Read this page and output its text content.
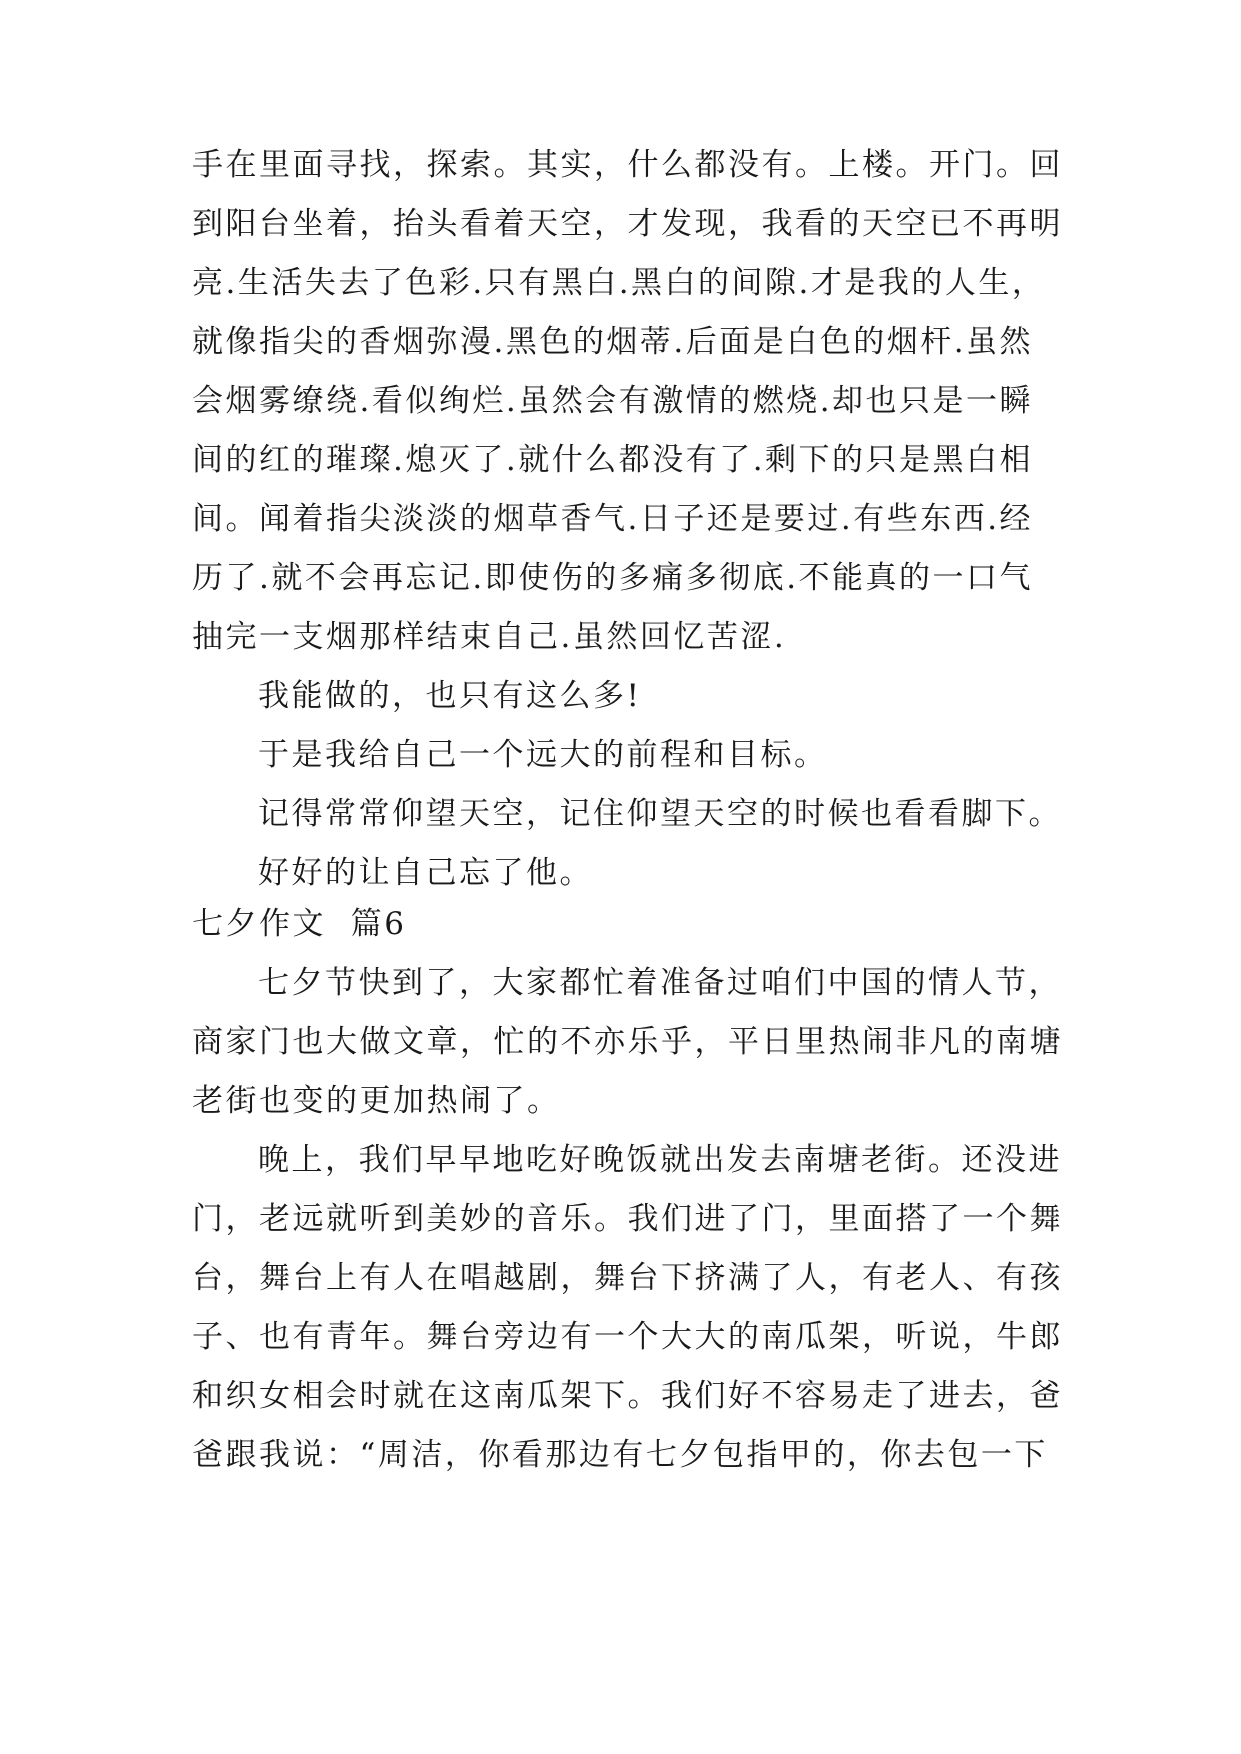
手在里面寻找，探索。其实，什么都没有。上楼。开门。回
到阳台坐着，抬头看着天空，才发现，我看的天空已不再明
亮.生活失去了色彩.只有黑白.黑白的间隙.才是我的人生，
就像指尖的香烟弥漫.黑色的烟蒂.后面是白色的烟杆.虽然
会烟雾缭绕.看似绚烂.虽然会有激情的燃烧.却也只是一瞬
间的红的璀璨.熄灭了.就什么都没有了.剩下的只是黑白相
间。闻着指尖淡淡的烟草香气.日子还是要过.有些东西.经
历了.就不会再忘记.即使伤的多痛多彻底.不能真的一口气
抽完一支烟那样结束自己.虽然回忆苦涩.
我能做的，也只有这么多!
于是我给自己一个远大的前程和目标。
记得常常仰望天空，记住仰望天空的时候也看看脚下。
好好的让自己忘了他。
七夕作文  篇6
七夕节快到了，大家都忙着准备过咱们中国的情人节，
商家门也大做文章，忙的不亦乐乎，平日里热闹非凡的南塘
老街也变的更加热闹了。
晚上，我们早早地吃好晚饭就出发去南塘老街。还没进
门，老远就听到美妙的音乐。我们进了门，里面搭了一个舞
台，舞台上有人在唱越剧，舞台下挤满了人，有老人、有孩
子、也有青年。舞台旁边有一个大大的南瓜架，听说，牛郎
和织女相会时就在这南瓜架下。我们好不容易走了进去，爸
爸跟我说：“周洁，你看那边有七夕包指甲的，你去包一下
